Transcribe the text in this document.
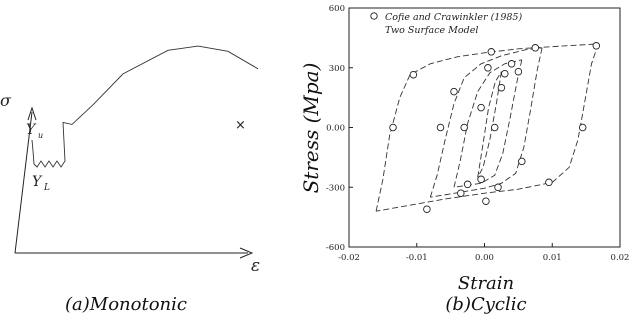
×
σ
Y u
Y L
ε
(a)Monotonic
-0.02	-0.01	0.00	0.01	0.02
-600
-300
0.00
300
600
Cofie and Crawinkler (1985)
Two Surface Model
Stress (Mpa)
Strain
(b)Cyclic
